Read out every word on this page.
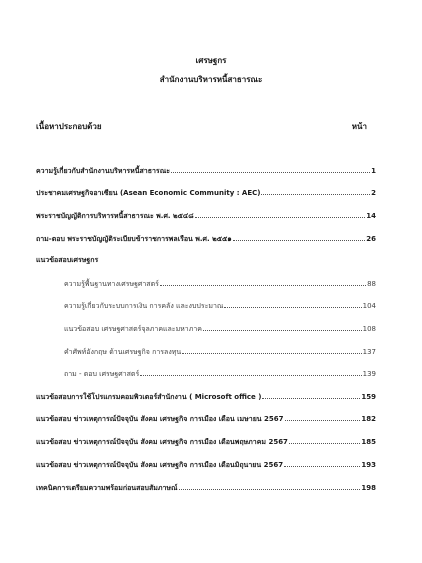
เศรษฐกร
สำนักงานบริหารหนี้สาธารณะ
เนื้อหาประกอบด้วย	หน้า
ความรู้เกี่ยวกับสำนักงานบริหารหนี้สาธารณะ	1
ประชาคมเศรษฐกิจอาเซียน (Asean Economic Community : AEC)	2
พระราชบัญญัติการบริหารหนี้สาธารณะ พ.ศ. ๒๕๔๘	14
ถาม-ตอบ พระราชบัญญัติระเบียบข้าราชการพลเรือน พ.ศ. ๒๕๕๑	26
แนวข้อสอบเศรษฐกร
ความรู้พื้นฐานทางเศรษฐศาสตร์	88
ความรู้เกี่ยวกับระบบการเงิน การคลัง และงบประมาณ	104
แนวข้อสอบ เศรษฐศาสตร์จุลภาคและมหาภาค	108
คำศัพท์อังกฤษ ด้านเศรษฐกิจ การลงทุน	137
ถาม - ตอบ เศรษฐศาสตร์	139
แนวข้อสอบการใช้โปรแกรมคอมพิวเตอร์สำนักงาน ( Microsoft office )	159
แนวข้อสอบ ข่าวเหตุการณ์ปัจจุบัน สังคม เศรษฐกิจ การเมือง เดือน เมษายน 2567	182
แนวข้อสอบ ข่าวเหตุการณ์ปัจจุบัน สังคม เศรษฐกิจ การเมือง เดือนพฤษภาคม 2567	185
แนวข้อสอบ ข่าวเหตุการณ์ปัจจุบัน สังคม เศรษฐกิจ การเมือง เดือนมิถุนายน 2567	193
เทคนิคการเตรียมความพร้อมก่อนสอบสัมภาษณ์	198
